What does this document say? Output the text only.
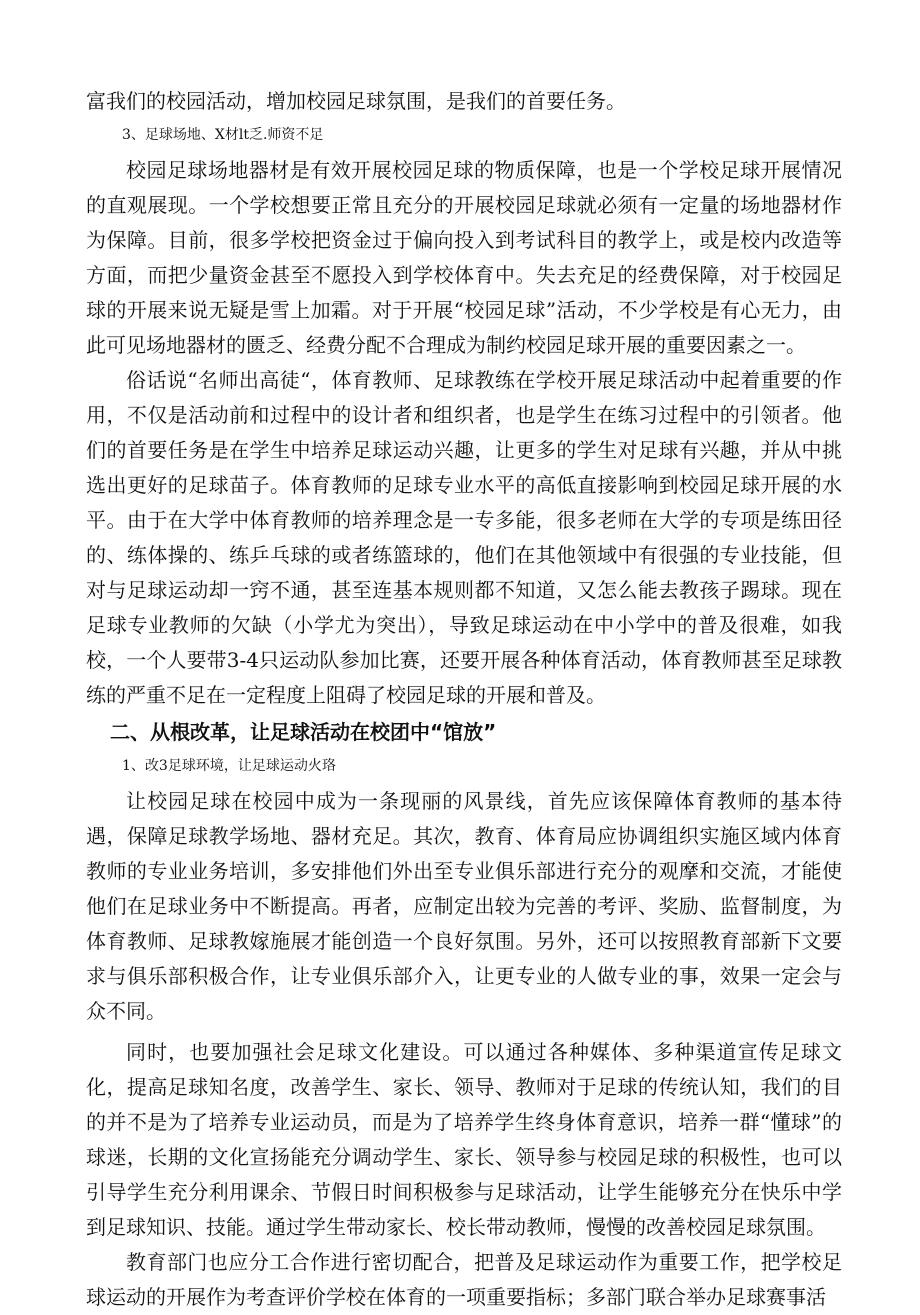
富我们的校园活动，增加校园足球氛围，是我们的首要任务。

3、足球场地、X材lt乏.师资不足

校园足球场地器材是有效开展校园足球的物质保障，也是一个学校足球开展情况的直观展现。一个学校想要正常且充分的开展校园足球就必须有一定量的场地器材作为保障。目前，很多学校把资金过于偏向投入到考试科目的教学上，或是校内改造等方面，而把少量资金甚至不愿投入到学校体育中。失去充足的经费保障，对于校园足球的开展来说无疑是雪上加霜。对于开展“校园足球”活动，不少学校是有心无力，由此可见场地器材的匮乏、经费分配不合理成为制约校园足球开展的重要因素之一。

俗话说“名师出高徒“，体育教师、足球教练在学校开展足球活动中起着重要的作用，不仅是活动前和过程中的设计者和组织者，也是学生在练习过程中的引领者。他们的首要任务是在学生中培养足球运动兴趣，让更多的学生对足球有兴趣，并从中挑选出更好的足球苗子。体育教师的足球专业水平的高低直接影响到校园足球开展的水平。由于在大学中体育教师的培养理念是一专多能，很多老师在大学的专项是练田径的、练体操的、练乒乓球的或者练篮球的，他们在其他领域中有很强的专业技能，但对与足球运动却一窍不通，甚至连基本规则都不知道，又怎么能去教孩子踢球。现在足球专业教师的欠缺（小学尤为突出），导致足球运动在中小学中的普及很难，如我校，一个人要带3-4只运动队参加比赛，还要开展各种体育活动，体育教师甚至足球教练的严重不足在一定程度上阻碍了校园足球的开展和普及。

二、从根改革，让足球活动在校团中“馆放”
1、改3足球环境，让足球运动火珞

让校园足球在校园中成为一条现丽的风景线，首先应该保障体育教师的基本待遇，保障足球教学场地、器材充足。其次，教育、体育局应协调组织实施区域内体育教师的专业业务培训，多安排他们外出至专业俱乐部进行充分的观摩和交流，才能使他们在足球业务中不断提高。再者，应制定出较为完善的考评、奖励、监督制度，为体育教师、足球教嫁施展才能创造一个良好氛围。另外，还可以按照教育部新下文要求与俱乐部积极合作，让专业俱乐部介入，让更专业的人做专业的事，效果一定会与众不同。

同时，也要加强社会足球文化建设。可以通过各种媒体、多种渠道宣传足球文化，提高足球知名度，改善学生、家长、领导、教师对于足球的传统认知，我们的目的并不是为了培养专业运动员，而是为了培养学生终身体育意识，培养一群“懂球”的球迷，长期的文化宣扬能充分调动学生、家长、领导参与校园足球的积极性，也可以引导学生充分利用课余、节假日时间积极参与足球活动，让学生能够充分在快乐中学到足球知识、技能。通过学生带动家长、校长带动教师，慢慢的改善校园足球氛围。

教育部门也应分工合作进行密切配合，把普及足球运动作为重要工作，把学校足球运动的开展作为考查评价学校在体育的一项重要指标；多部门联合举办足球赛事活
